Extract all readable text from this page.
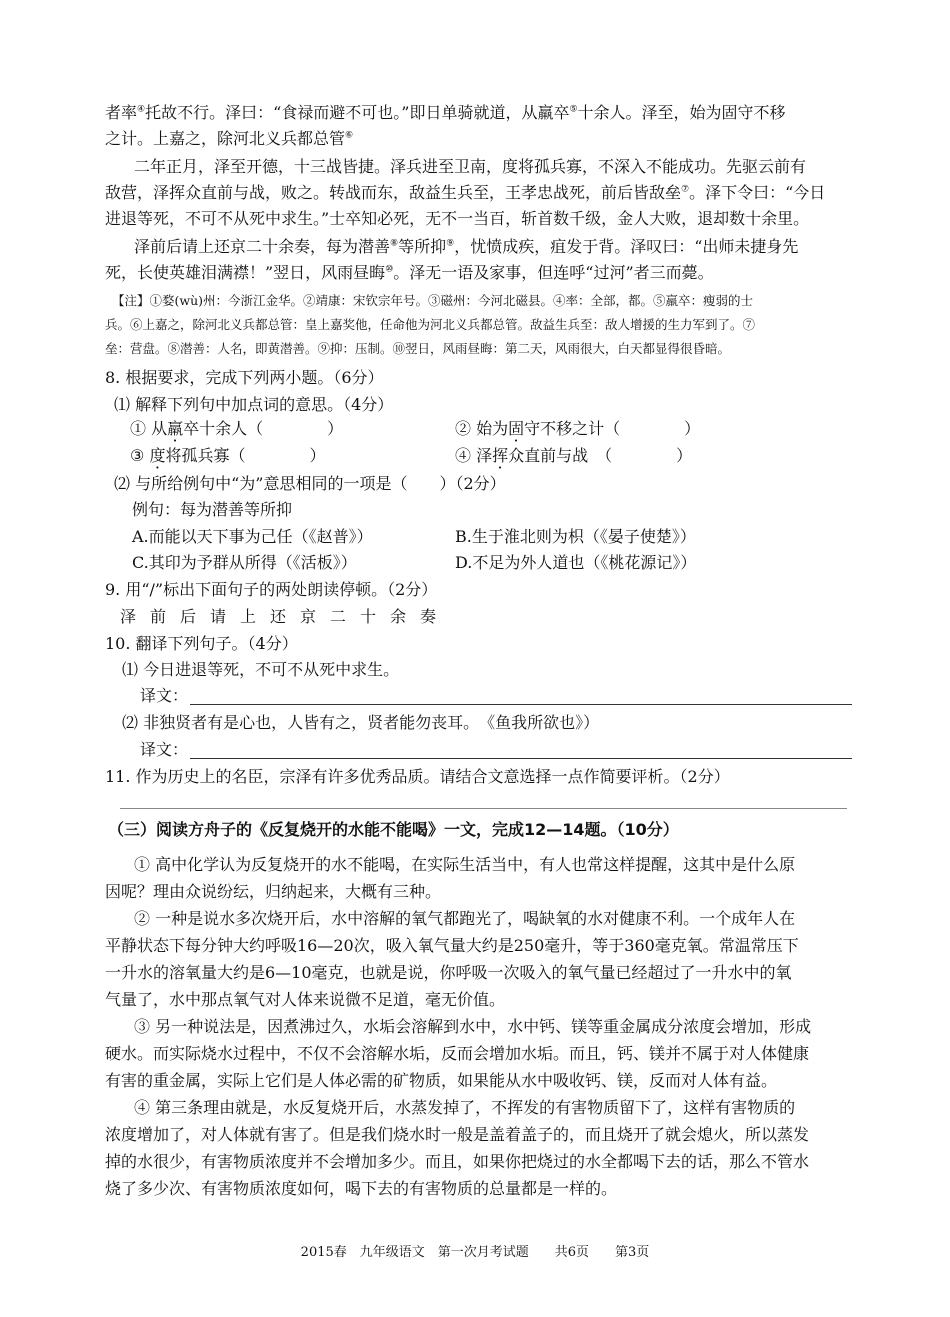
者率④托故不行。泽曰：“食禄而避不可也。”即日单骑就道，从羸卒⑤十余人。泽至，始为固守不移
之计。上嘉之，除河北义兵都总管⑥
二年正月，泽至开德，十三战皆捷。泽兵进至卫南，度将孤兵寡，不深入不能成功。先驱云前有
敌营，泽挥众直前与战，败之。转战而东，敌益生兵至，王孝忠战死，前后皆敌垒⑦。泽下令曰：“今日
进退等死，不可不从死中求生。”士卒知必死，无不一当百，斩首数千级，金人大败，退却数十余里。
泽前后请上还京二十余奏，每为潜善⑧等所抑⑨，忧愤成疾，疽发于背。泽叹曰：“出师未捷身先
死，长使英雄泪满襟！”翌日，风雨昼晦⑩。泽无一语及家事，但连呼“过河”者三而薨。
【注】①婺(wù)州：今浙江金华。②靖康：宋钦宗年号。③磁州：今河北磁县。④率：全部，都。⑤羸卒：瘦弱的士
兵。⑥上嘉之，除河北义兵都总管：皇上嘉奖他，任命他为河北义兵都总管。敌益生兵至：敌人增援的生力军到了。⑦
垒：营盘。⑧潜善：人名，即黄潜善。⑨抑：压制。⑩翌日，风雨昼晦：第二天，风雨很大，白天都显得很昏暗。
8. 根据要求，完成下列两小题。（6分）
⑴ 解释下列句中加点词的意思。（4分）
① 从羸卒十余人（　　　　）	② 始为固守不移之计（　　　　）
③ 度将孤兵寡（　　　　）	④ 泽挥众直前与战　（　　　　）
⑵ 与所给例句中“为”意思相同的一项是（　　）（2分）
例句：每为潜善等所抑
A.而能以天下事为己任（《赵普》）	B.生于淮北则为枳（《晏子使楚》）
C.其印为予群从所得（《活板》）	D.不足为外人道也（《桃花源记》）
9. 用“/”标出下面句子的两处朗读停顿。（2分）
泽前后请上还京二十余奏
10. 翻译下列句子。（4分）
⑴ 今日进退等死，不可不从死中求生。
译文：
⑵ 非独贤者有是心也，人皆有之，贤者能勿丧耳。　《鱼我所欲也》）
译文：
11. 作为历史上的名臣，宗泽有许多优秀品质。请结合文意选择一点作简要评析。（2分）
（三）阅读方舟子的《反复烧开的水能不能喝》一文，完成12—14题。（10分）
① 高中化学认为反复烧开的水不能喝，在实际生活当中，有人也常这样提醒，这其中是什么原
因呢？理由众说纷纭，归纳起来，大概有三种。
② 一种是说水多次烧开后，水中溶解的氧气都跑光了，喝缺氧的水对健康不利。一个成年人在
平静状态下每分钟大约呼吸16—20次，吸入氧气量大约是250毫升，等于360毫克氧。常温常压下
一升水的溶氧量大约是6—10毫克，也就是说，你呼吸一次吸入的氧气量已经超过了一升水中的氧
气量了，水中那点氧气对人体来说微不足道，毫无价值。
③ 另一种说法是，因煮沸过久，水垢会溶解到水中，水中钙、镁等重金属成分浓度会增加，形成
硬水。而实际烧水过程中，不仅不会溶解水垢，反而会增加水垢。而且，钙、镁并不属于对人体健康
有害的重金属，实际上它们是人体必需的矿物质，如果能从水中吸收钙、镁，反而对人体有益。
④ 第三条理由就是，水反复烧开后，水蒸发掉了，不挥发的有害物质留下了，这样有害物质的
浓度增加了，对人体就有害了。但是我们烧水时一般是盖着盖子的，而且烧开了就会熄火，所以蒸发
掉的水很少，有害物质浓度并不会增加多少。而且，如果你把烧过的水全都喝下去的话，那么不管水
烧了多少次、有害物质浓度如何，喝下去的有害物质的总量都是一样的。
2015春　九年级语文　第一次月考试题　　共6页　　第3页
